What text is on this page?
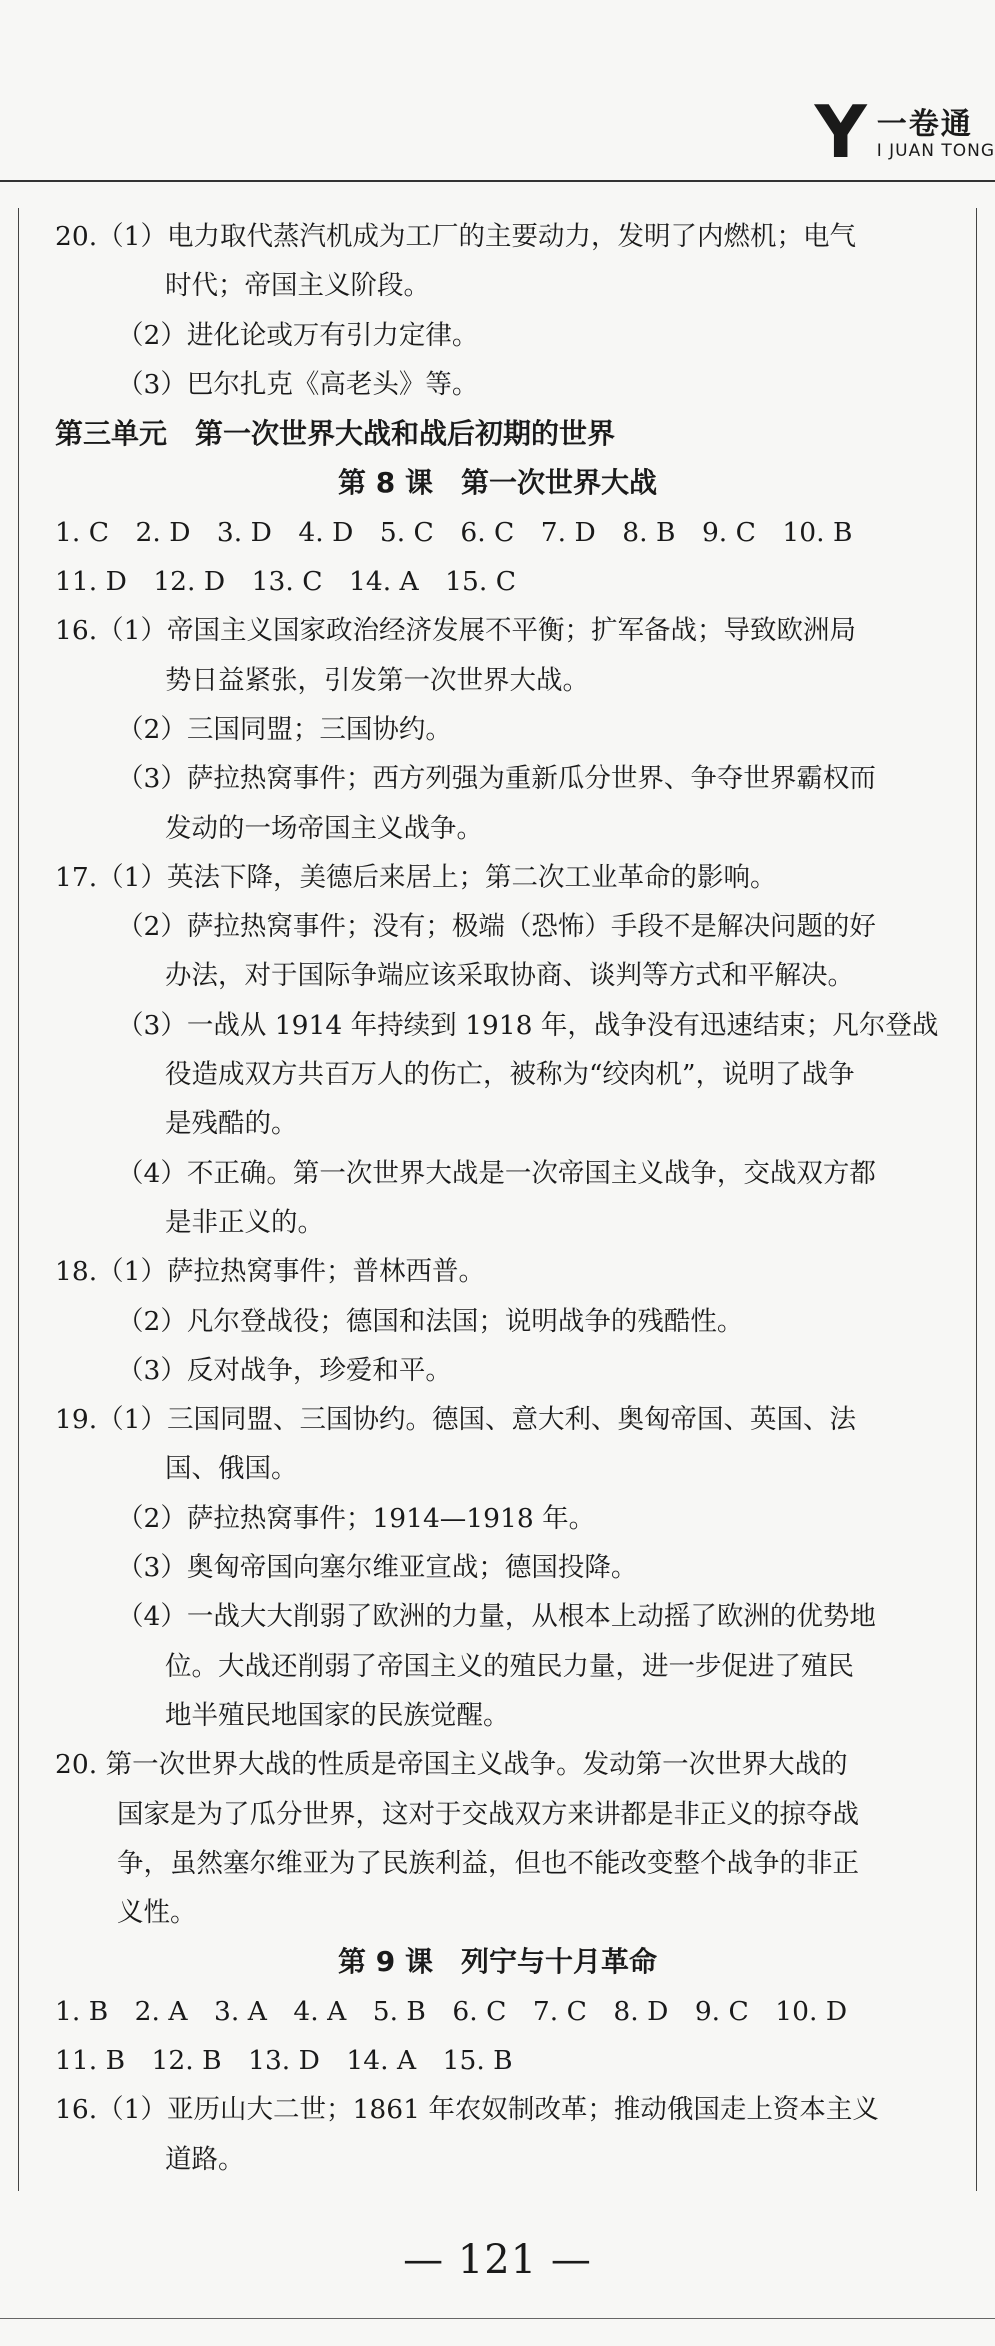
Y 一卷通
I JUAN TONG
20.（1）电力取代蒸汽机成为工厂的主要动力，发明了内燃机；电气
时代；帝国主义阶段。
（2）进化论或万有引力定律。
（3）巴尔扎克《高老头》等。
第三单元　第一次世界大战和战后初期的世界
第 8 课　第一次世界大战
1. C　2. D　3. D　4. D　5. C　6. C　7. D　8. B　9. C　10. B
11. D　12. D　13. C　14. A　15. C
16.（1）帝国主义国家政治经济发展不平衡；扩军备战；导致欧洲局
势日益紧张，引发第一次世界大战。
（2）三国同盟；三国协约。
（3）萨拉热窝事件；西方列强为重新瓜分世界、争夺世界霸权而
发动的一场帝国主义战争。
17.（1）英法下降，美德后来居上；第二次工业革命的影响。
（2）萨拉热窝事件；没有；极端（恐怖）手段不是解决问题的好
办法，对于国际争端应该采取协商、谈判等方式和平解决。
（3）一战从 1914 年持续到 1918 年，战争没有迅速结束；凡尔登战
役造成双方共百万人的伤亡，被称为“绞肉机”，说明了战争
是残酷的。
（4）不正确。第一次世界大战是一次帝国主义战争，交战双方都
是非正义的。
18.（1）萨拉热窝事件；普林西普。
（2）凡尔登战役；德国和法国；说明战争的残酷性。
（3）反对战争，珍爱和平。
19.（1）三国同盟、三国协约。德国、意大利、奥匈帝国、英国、法
国、俄国。
（2）萨拉热窝事件；1914—1918 年。
（3）奥匈帝国向塞尔维亚宣战；德国投降。
（4）一战大大削弱了欧洲的力量，从根本上动摇了欧洲的优势地
位。大战还削弱了帝国主义的殖民力量，进一步促进了殖民
地半殖民地国家的民族觉醒。
20. 第一次世界大战的性质是帝国主义战争。发动第一次世界大战的
国家是为了瓜分世界，这对于交战双方来讲都是非正义的掠夺战
争，虽然塞尔维亚为了民族利益，但也不能改变整个战争的非正
义性。
第 9 课　列宁与十月革命
1. B　2. A　3. A　4. A　5. B　6. C　7. C　8. D　9. C　10. D
11. B　12. B　13. D　14. A　15. B
16.（1）亚历山大二世；1861 年农奴制改革；推动俄国走上资本主义
道路。
— 121 —
